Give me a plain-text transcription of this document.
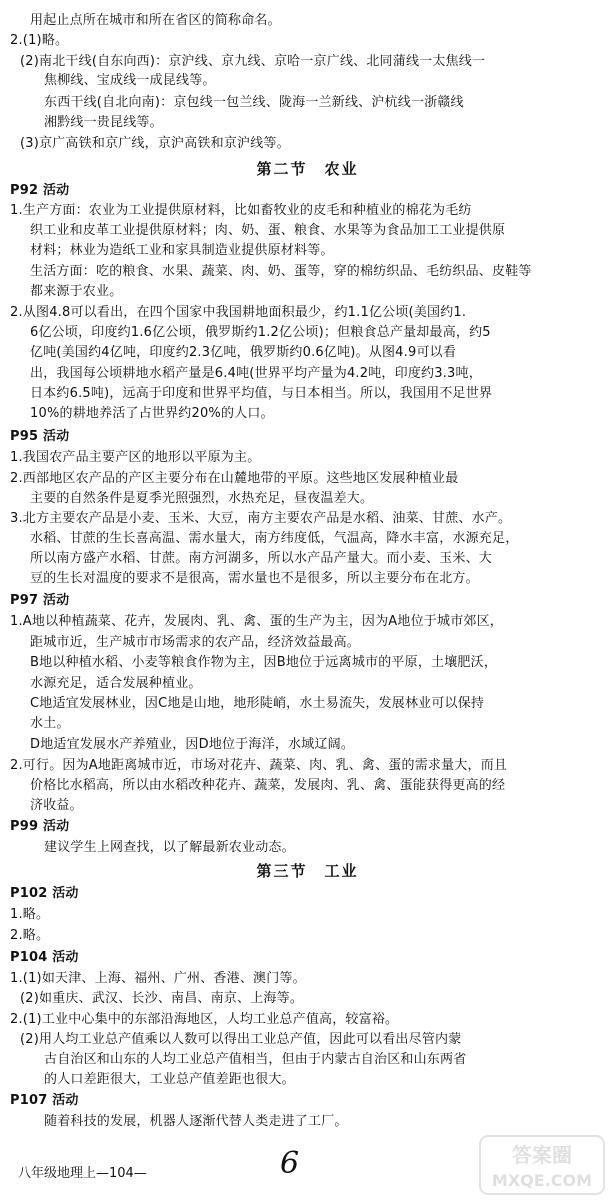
用起止点所在城市和所在省区的简称命名。
2.(1)略。
(2)南北干线(自东向西)：京沪线、京九线、京哈一京广线、北同蒲线一太焦线一
焦柳线、宝成线一成昆线等。
东西干线(自北向南)：京包线一包兰线、陇海一兰新线、沪杭线一浙赣线
湘黔线一贵昆线等。
(3)京广高铁和京广线，京沪高铁和京沪线等。
第二节　农业
P92 活动
1.生产方面：农业为工业提供原材料，比如畜牧业的皮毛和种植业的棉花为毛纺
织工业和皮革工业提供原材料；肉、奶、蛋、粮食、水果等为食品加工工业提供原
材料；林业为造纸工业和家具制造业提供原材料等。
生活方面：吃的粮食、水果、蔬菜、肉、奶、蛋等，穿的棉纺织品、毛纺织品、皮鞋等
都来源于农业。
2.从图4.8可以看出，在四个国家中我国耕地面积最少，约1.1亿公顷(美国约1.
6亿公顷，印度约1.6亿公顷，俄罗斯约1.2亿公顷)；但粮食总产量却最高，约5
亿吨(美国约4亿吨，印度约2.3亿吨，俄罗斯约0.6亿吨)。从图4.9可以看
出，我国每公顷耕地水稻产量是6.4吨(世界平均产量为4.2吨，印度约3.3吨，
日本约6.5吨)，远高于印度和世界平均值，与日本相当。所以，我国用不足世界
10%的耕地养活了占世界约20%的人口。
P95 活动
1.我国农产品主要产区的地形以平原为主。
2.西部地区农产品的产区主要分布在山麓地带的平原。这些地区发展种植业最
主要的自然条件是夏季光照强烈，水热充足，昼夜温差大。
3.北方主要农产品是小麦、玉米、大豆，南方主要农产品是水稻、油菜、甘蔗、水产。
水稻、甘蔗的生长喜高温、需水量大，南方纬度低，气温高，降水丰富，水源充足，
所以南方盛产水稻、甘蔗。南方河湖多，所以水产品产量大。而小麦、玉米、大
豆的生长对温度的要求不是很高，需水量也不是很多，所以主要分布在北方。
P97 活动
1.A地以种植蔬菜、花卉，发展肉、乳、禽、蛋的生产为主，因为A地位于城市郊区，
距城市近，生产城市市场需求的农产品，经济效益最高。
B地以种植水稻、小麦等粮食作物为主，因B地位于远离城市的平原，土壤肥沃，
水源充足，适合发展种植业。
C地适宜发展林业，因C地是山地，地形陡峭，水土易流失，发展林业可以保持
水土。
D地适宜发展水产养殖业，因D地位于海洋，水域辽阔。
2.可行。因为A地距离城市近，市场对花卉、蔬菜、肉、乳、禽、蛋的需求量大，而且
价格比水稻高，所以由水稻改种花卉、蔬菜，发展肉、乳、禽、蛋能获得更高的经
济收益。
P99 活动
建议学生上网查找，以了解最新农业动态。
第三节　工业
P102 活动
1.略。
2.略。
P104 活动
1.(1)如天津、上海、福州、广州、香港、澳门等。
(2)如重庆、武汉、长沙、南昌、南京、上海等。
2.(1)工业中心集中的东部沿海地区，人均工业总产值高，较富裕。
(2)用人均工业总产值乘以人数可以得出工业总产值，因此可以看出尽管内蒙
古自治区和山东的人均工业总产值相当，但由于内蒙古自治区和山东两省
的人口差距很大，工业总产值差距也很大。
P107 活动
随着科技的发展，机器人逐渐代替人类走进了工厂。
八年级地理上—104—	6	答案圈
MXQE.COM
